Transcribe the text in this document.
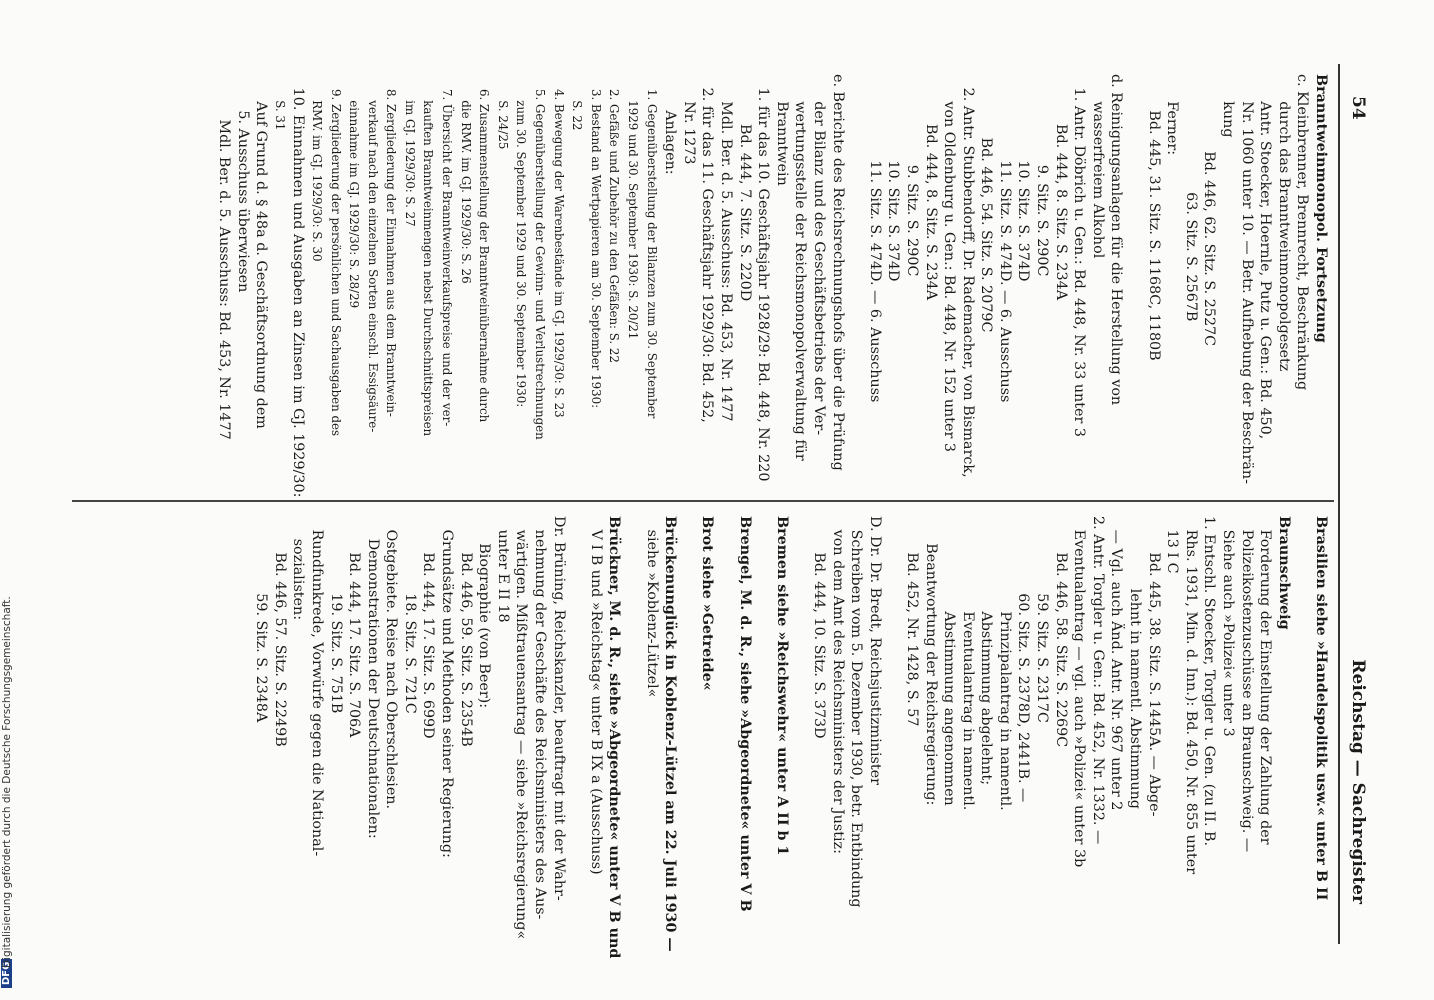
54
Reichstag — Sachregister
Branntweinmonopol. Fortsetzung
c. Kleinbrenner, Brennrecht, Beschränkung
durch das Branntweinmonopolgesetz
Antr. Stoecker, Hoernle, Putz u. Gen.: Bd. 450,
Nr. 1060 unter 10. — Betr. Aufhebung der Beschrän-
kung
Bd. 446, 62. Sitz. S. 2527C
63. Sitz. S. 2567B
Ferner:
Bd. 445, 31. Sitz. S. 1168C, 1180B
d. Reinigungsanlagen für die Herstellung von
wasserfreiem Alkohol
1. Antr. Döbrich u. Gen.: Bd. 448, Nr. 33 unter 3
Bd. 444, 8. Sitz. S. 234A
9. Sitz. S. 290C
10. Sitz. S. 374D
11. Sitz. S. 474D. — 6. Ausschuss
Bd. 446, 54. Sitz. S. 2079C
2. Antr. Stubbendorff, Dr. Rademacher, von Bismarck,
von Oldenburg u. Gen.: Bd. 448, Nr. 152 unter 3
Bd. 444, 8. Sitz. S. 234A
9. Sitz. S. 290C
10. Sitz. S. 374D
11. Sitz. S. 474D. — 6. Ausschuss
e. Berichte des Reichsrechnungshofs über die Prüfung
der Bilanz und des Geschäftsbetriebs der Ver-
wertungsstelle der Reichsmonopolverwaltung für
Branntwein
1. für das 10. Geschäftsjahr 1928/29: Bd. 448, Nr. 220
Bd. 444, 7. Sitz. S. 220D
Mdl. Ber. d. 5. Ausschuss: Bd. 453, Nr. 1477
2. für das 11. Geschäftsjahr 1929/30: Bd. 452,
Nr. 1273
Anlagen:
1. Gegenüberstellung der Bilanzen zum 30. September
1929 und 30. September 1930: S. 20/21
2. Gefäße und Zubehör zu den Gefäßen: S. 22
3. Bestand an Wertpapieren am 30. September 1930:
S. 22
4. Bewegung der Warenbestände im GJ. 1929/30: S. 23
5. Gegenüberstellung der Gewinn- und Verlustrechnungen
zum 30. September 1929 und 30. September 1930:
S. 24/25
6. Zusammenstellung der Branntweinübernahme durch
die RMV. im GJ. 1929/30: S. 26
7. Übersicht der Branntweinverkaufspreise und der ver-
kauften Branntweinmengen nebst Durchschnittspreisen
im GJ. 1929/30: S. 27
8. Zergliederung der Einnahmen aus dem Branntwein-
verkauf nach den einzelnen Sorten einschl. Essigsäure-
einnahme im GJ. 1929/30: S. 28/29
9. Zergliederung der persönlichen und Sachausgaben des
RMV. im GJ. 1929/30: S. 30
10. Einnahmen und Ausgaben an Zinsen im GJ. 1929/30:
S. 31
Auf Grund d. § 48a d. Geschäftsordnung dem
5. Ausschuss überwiesen
Mdl. Ber. d. 5. Ausschuss: Bd. 453, Nr. 1477
Brasilien siehe »Handelspolitik usw.« unter B II
Braunschweig
Forderung der Einstellung der Zahlung der
Polizeikostenzuschüsse an Braunschweig. —
Siehe auch »Polizei« unter 3
1. Entschl. Stoecker, Torgler u. Gen. (zu II. B.
Rhs. 1931, Min. d. Inn.): Bd. 450, Nr. 855 unter
13 I C
Bd. 445, 38. Sitz. S. 1445A. — Abge-
lehnt in namentl. Abstimmung
— Vgl. auch Änd. Antr. Nr. 967 unter 2
2. Antr. Torgler u. Gen.: Bd. 452, Nr. 1332. —
Eventualantrag — vgl. auch »Polizei« unter 3b
Bd. 446, 58. Sitz. S. 2269C
59. Sitz. S. 2317C
60. Sitz. S. 2378D, 2441B. —
Prinzipalantrag in namentl.
Abstimmung abgelehnt;
Eventualantrag in namentl.
Abstimmung angenommen
Beantwortung der Reichsregierung:
Bd. 452, Nr. 1428, S. 57
D. Dr. Dr. Bredt, Reichsjustizminister
Schreiben vom 5. Dezember 1930, betr. Entbindung
von dem Amt des Reichsministers der Justiz:
Bd. 444, 10. Sitz. S. 373D
Bremen siehe »Reichswehr« unter A II b 1
Brengel, M. d. R., siehe »Abgeordnete« unter V B
Brot siehe »Getreide«
Brückenunglück in Koblenz-Lützel am 22. Juli 1930 —
siehe »Koblenz-Lützel«
Brückner, M. d. R., siehe »Abgeordnete« unter V B und
V I B und »Reichstag« unter B IX a (Ausschuss)
Dr. Brüning, Reichskanzler, beauftragt mit der Wahr-
nehmung der Geschäfte des Reichsministers des Aus-
wärtigen. Mißtrauensantrag — siehe »Reichsregierung«
unter E II 18
Biographie (von Beer):
Bd. 446, 59. Sitz. S. 2354B
Grundsätze und Methoden seiner Regierung:
Bd. 444, 17. Sitz. S. 699D
18. Sitz. S. 721C
Ostgebiete. Reise nach Oberschlesien.
Demonstrationen der Deutschnationalen:
Bd. 444, 17. Sitz. S. 706A
19. Sitz. S. 751B
Rundfunkrede, Vorwürfe gegen die National-
sozialisten:
Bd. 446, 57. Sitz. S. 2249B
59. Sitz. S. 2348A
DFG
Digitalisierung gefördert durch die Deutsche Forschungsgemeinschaft.
